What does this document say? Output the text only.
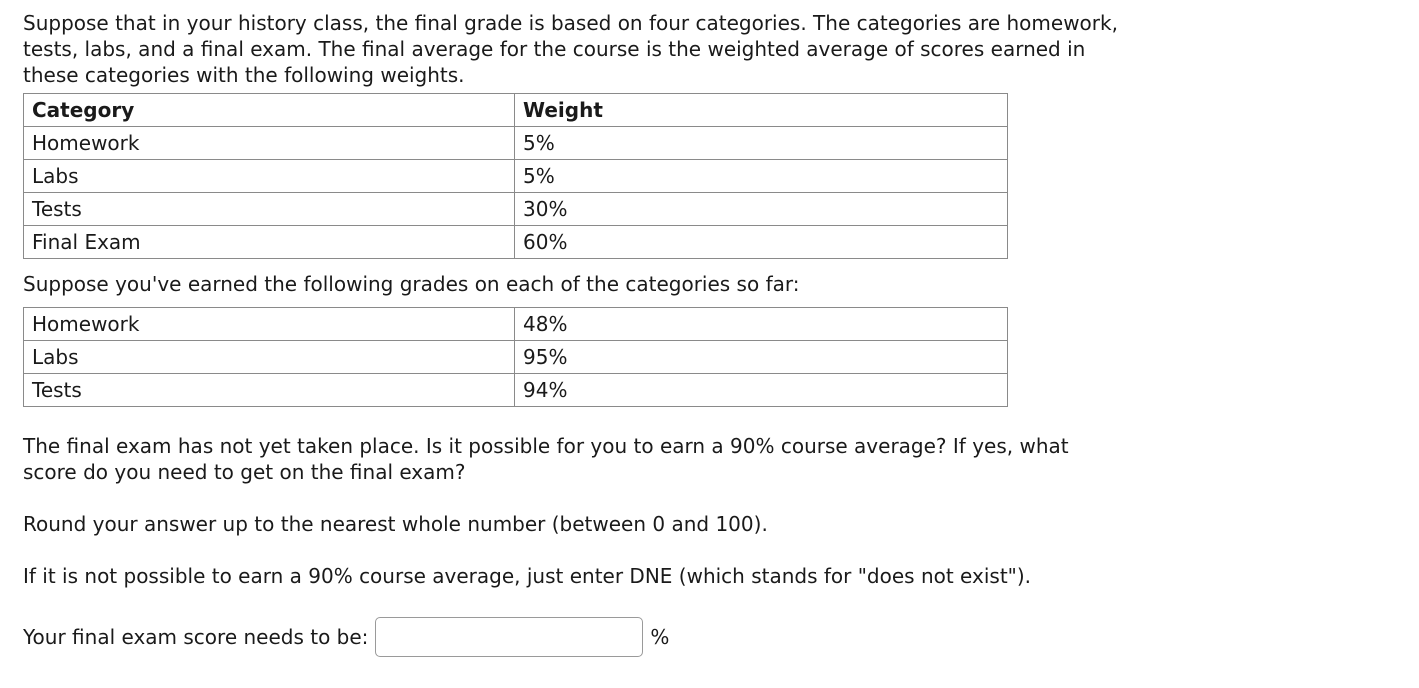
Suppose that in your history class, the final grade is based on four categories. The categories are homework, tests, labs, and a final exam. The final average for the course is the weighted average of scores earned in these categories with the following weights.

Category	Weight
Homework	5%
Labs	5%
Tests	30%
Final Exam	60%

Suppose you've earned the following grades on each of the categories so far:

Homework	48%
Labs	95%
Tests	94%

The final exam has not yet taken place. Is it possible for you to earn a 90% course average? If yes, what score do you need to get on the final exam?

Round your answer up to the nearest whole number (between 0 and 100).

If it is not possible to earn a 90% course average, just enter DNE (which stands for "does not exist").

Your final exam score needs to be:	%
